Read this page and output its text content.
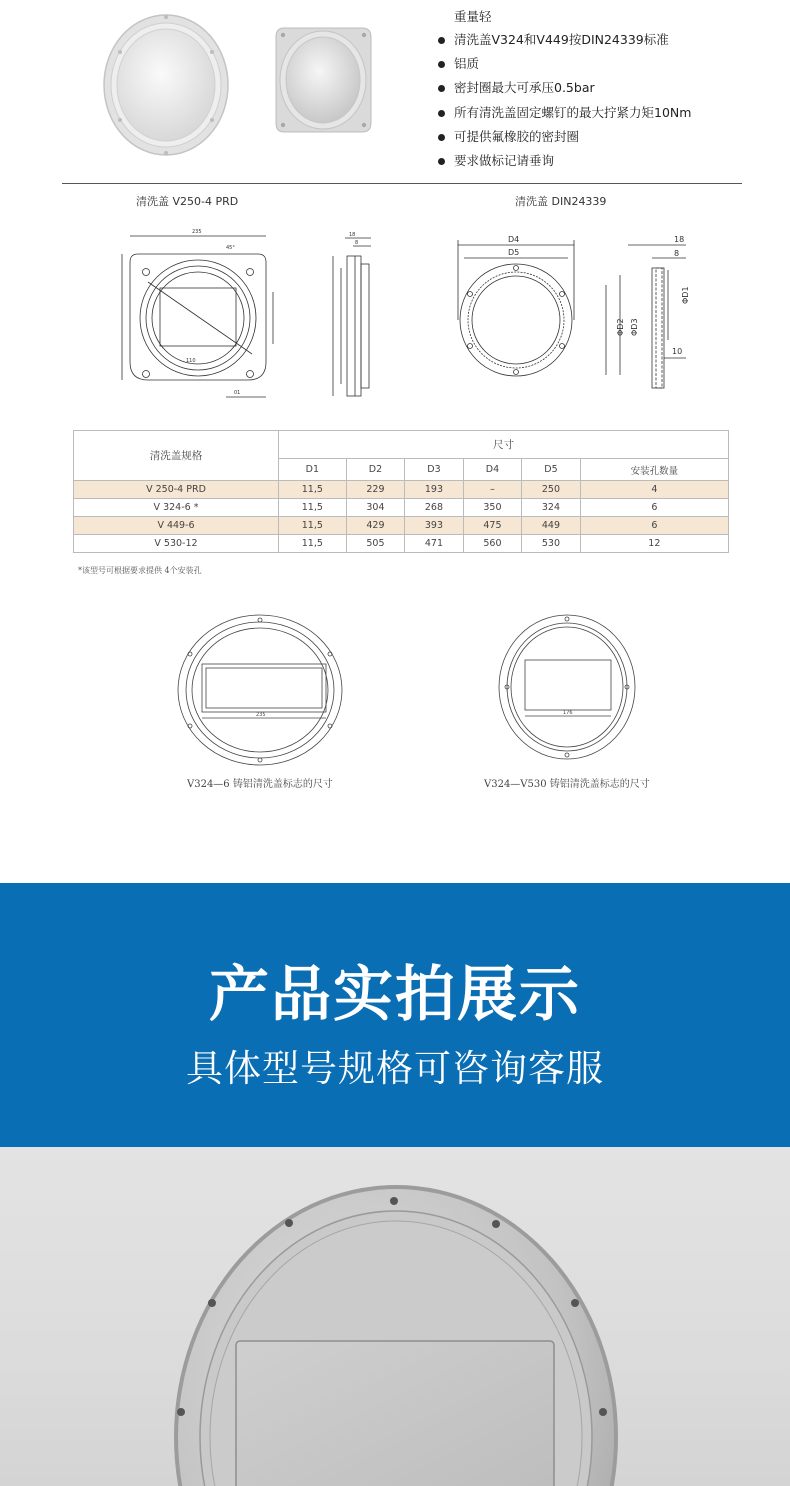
重量轻
清洗盖V324和V449按DIN24339标准
铝质
密封圈最大可承压0.5bar
所有清洗盖固定螺钉的最大拧紧力矩10Nm
可提供氟橡胶的密封圈
要求做标记请垂询
清洗盖 V250-4 PRD	清洗盖 DIN24339
235
45°
110
01
18
8	D4
D5
18
8
ΦD2 ΦD3
ΦD1
10
清洗盖规格	尺寸					
	D1	D2	D3	D4	D5	安装孔数量
V 250-4 PRD	11,5	229	193	–	250	4
V 324-6 *	11,5	304	268	350	324	6
V 449-6	11,5	429	393	475	449	6
V 530-12	11,5	505	471	560	530	12
*该型号可根据要求提供 4个安装孔
235	176
V324—6 铸铝清洗盖标志的尺寸	V324—V530 铸铝清洗盖标志的尺寸
产品实拍展示
具体型号规格可咨询客服
